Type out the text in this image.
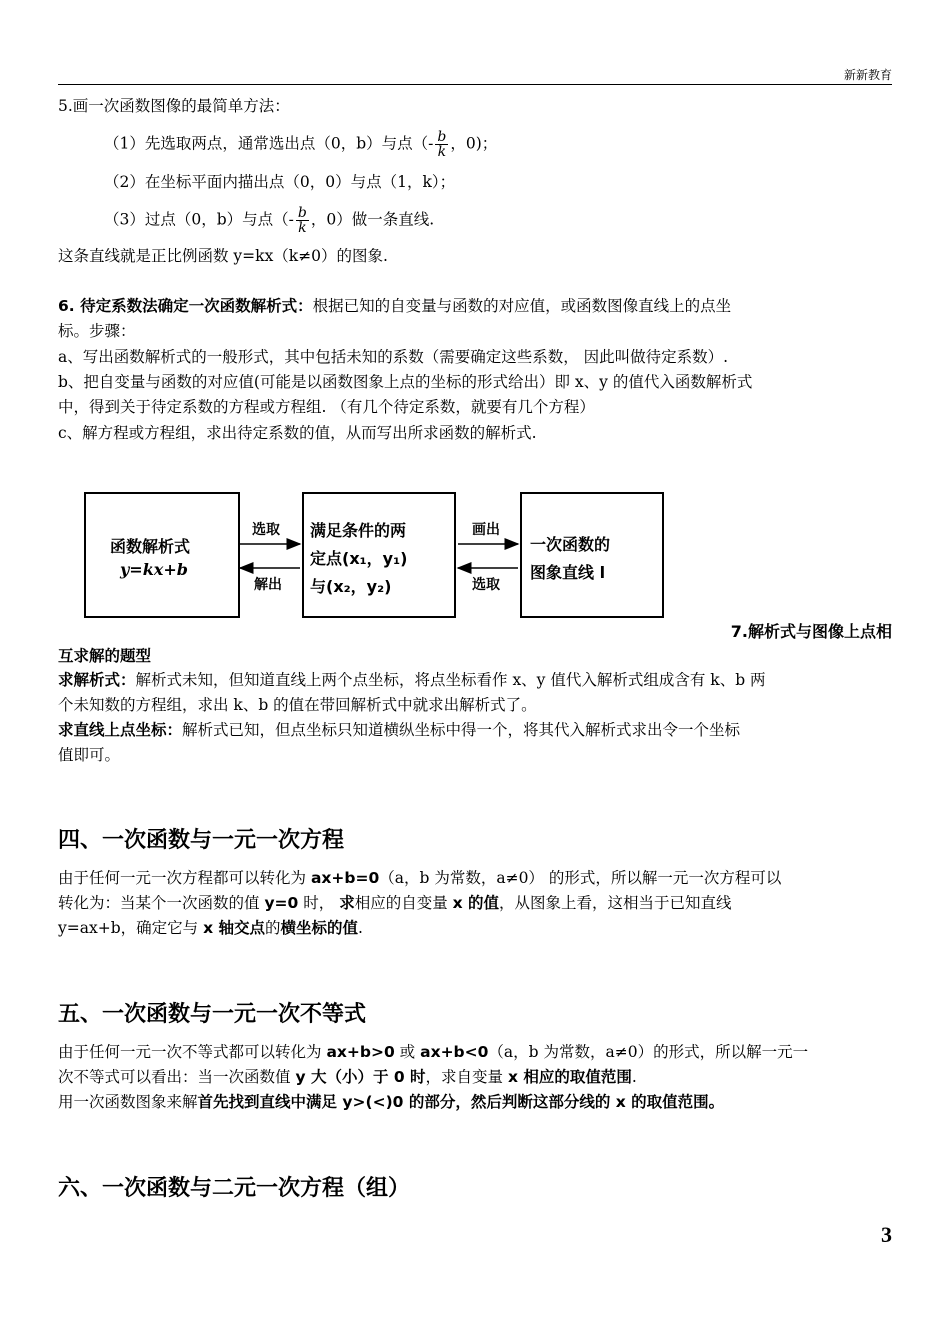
新新教育
5.画一次函数图像的最简单方法：
（1）先选取两点，通常选出点（0，b）与点（- $\frac{b}{k}$ ，0)；
（2）在坐标平面内描出点（0，0）与点（1，k）；
（3）过点（0，b）与点（- $\frac{b}{k}$ ，0）做一条直线.
这条直线就是正比例函数 y=kx（k≠0）的图象.
6. 待定系数法确定一次函数解析式：根据已知的自变量与函数的对应值，或函数图像直线上的点坐
标。步骤：
a、写出函数解析式的一般形式，其中包括未知的系数（需要确定这些系数， 因此叫做待定系数）.
b、把自变量与函数的对应值(可能是以函数图象上点的坐标的形式给出）即 x、y 的值代入函数解析式
中，得到关于待定系数的方程或方程组. （有几个待定系数，就要有几个方程）
c、解方程或方程组，求出待定系数的值，从而写出所求函数的解析式.
函数解析式
y=kx+b
选取
解出
满足条件的两
定点(x₁，y₁)
与(x₂，y₂)
画出
选取
一次函数的
图象直线 l
7.解析式与图像上点相
互求解的题型
求解析式：解析式未知，但知道直线上两个点坐标，将点坐标看作 x、y 值代入解析式组成含有 k、b 两
个未知数的方程组，求出 k、b 的值在带回解析式中就求出解析式了。
求直线上点坐标：解析式已知，但点坐标只知道横纵坐标中得一个，将其代入解析式求出令一个坐标
值即可。
四、一次函数与一元一次方程
由于任何一元一次方程都可以转化为 ax+b=0（a，b 为常数，a≠0） 的形式，所以解一元一次方程可以
转化为：当某个一次函数的值 y=0 时， 求相应的自变量 x 的值，从图象上看，这相当于已知直线
y=ax+b，确定它与 x 轴交点的横坐标的值.
五、一次函数与一元一次不等式
由于任何一元一次不等式都可以转化为 ax+b>0 或 ax+b<0（a，b 为常数，a≠0）的形式，所以解一元一
次不等式可以看出：当一次函数值 y 大（小）于 0 时，求自变量 x 相应的取值范围.
用一次函数图象来解首先找到直线中满足 y>(<)0 的部分，然后判断这部分线的 x 的取值范围。
六、一次函数与二元一次方程（组）
3
